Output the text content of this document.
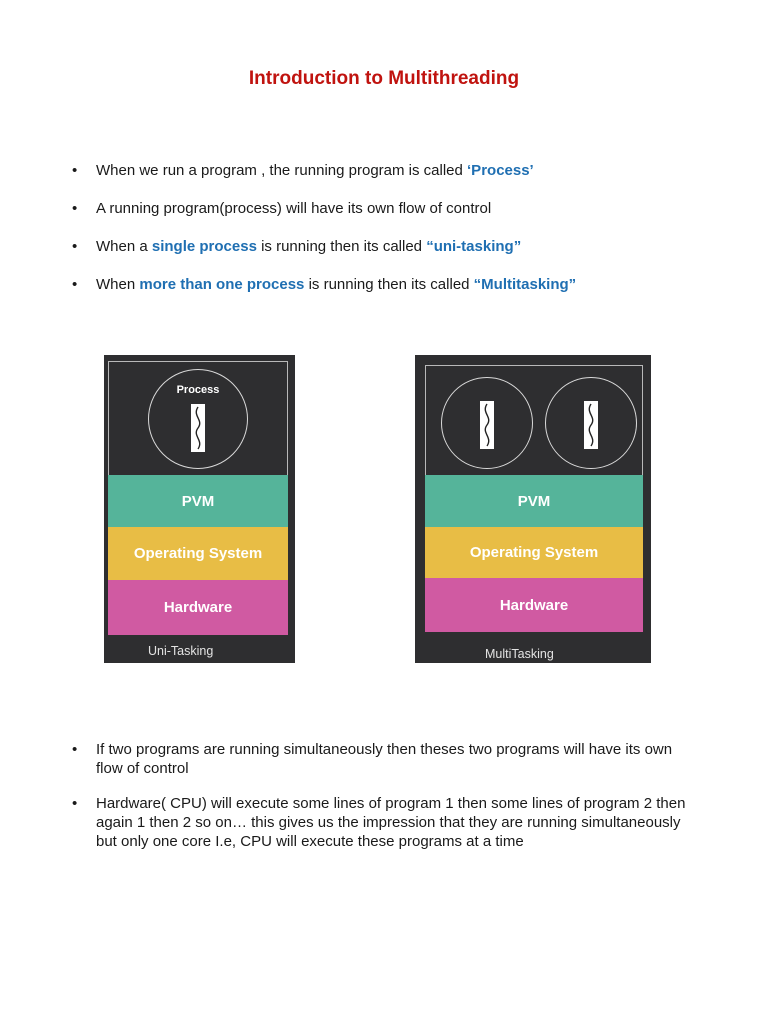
Introduction to Multithreading
• When we run a program , the running program is called ‘Process’
• A running program(process) will have its own flow of control
• When a single process is running then its called “uni-tasking”
• When more than one process is running then its called “Multitasking”
Process
PVM
Operating System
Hardware
Uni-Tasking
PVM
Operating System
Hardware
MultiTasking
• If two programs are running simultaneously then theses two programs will have its own flow of control
• Hardware( CPU) will execute some lines of program 1 then some lines of program 2 then again 1 then 2 so on… this gives us the impression that they are running simultaneously but only one core I.e, CPU will execute these programs at a time
